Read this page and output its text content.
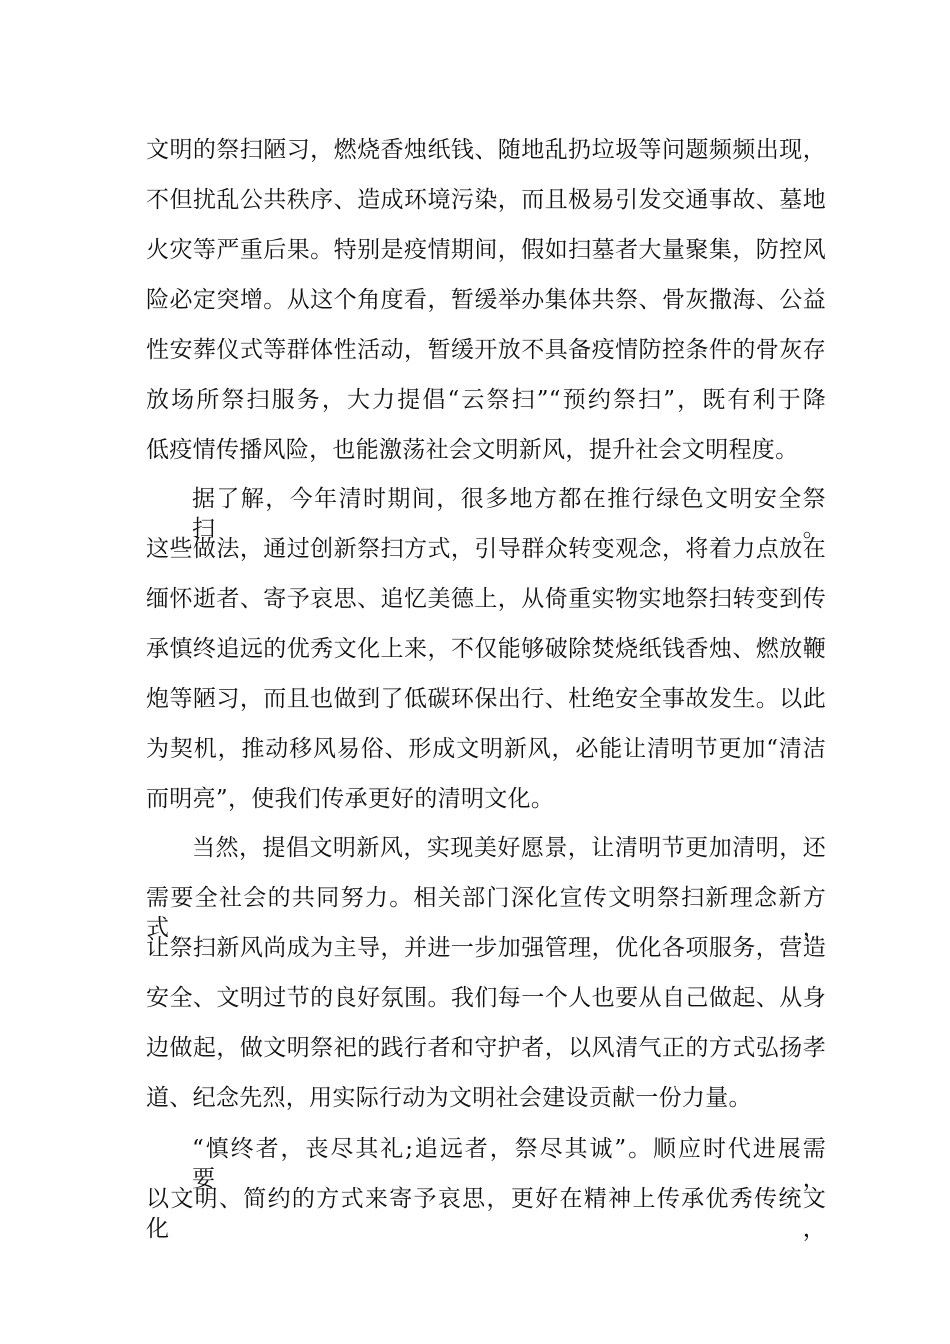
文明的祭扫陋习，燃烧香烛纸钱、随地乱扔垃圾等问题频频出现，
不但扰乱公共秩序、造成环境污染，而且极易引发交通事故、墓地
火灾等严重后果。特别是疫情期间，假如扫墓者大量聚集，防控风
险必定突增。从这个角度看，暂缓举办集体共祭、骨灰撒海、公益
性安葬仪式等群体性活动，暂缓开放不具备疫情防控条件的骨灰存
放场所祭扫服务，大力提倡“云祭扫”“预约祭扫”，既有利于降
低疫情传播风险，也能激荡社会文明新风，提升社会文明程度。
据了解，今年清时期间，很多地方都在推行绿色文明安全祭扫。
这些做法，通过创新祭扫方式，引导群众转变观念，将着力点放在
缅怀逝者、寄予哀思、追忆美德上，从倚重实物实地祭扫转变到传
承慎终追远的优秀文化上来，不仅能够破除焚烧纸钱香烛、燃放鞭
炮等陋习，而且也做到了低碳环保出行、杜绝安全事故发生。以此
为契机，推动移风易俗、形成文明新风，必能让清明节更加“清洁
而明亮”，使我们传承更好的清明文化。
当然，提倡文明新风，实现美好愿景，让清明节更加清明，还
需要全社会的共同努力。相关部门深化宣传文明祭扫新理念新方式，
让祭扫新风尚成为主导，并进一步加强管理，优化各项服务，营造
安全、文明过节的良好氛围。我们每一个人也要从自己做起、从身
边做起，做文明祭祀的践行者和守护者，以风清气正的方式弘扬孝
道、纪念先烈，用实际行动为文明社会建设贡献一份力量。
“慎终者，丧尽其礼;追远者，祭尽其诚”。顺应时代进展需要，
以文明、简约的方式来寄予哀思，更好在精神上传承优秀传统文化，
